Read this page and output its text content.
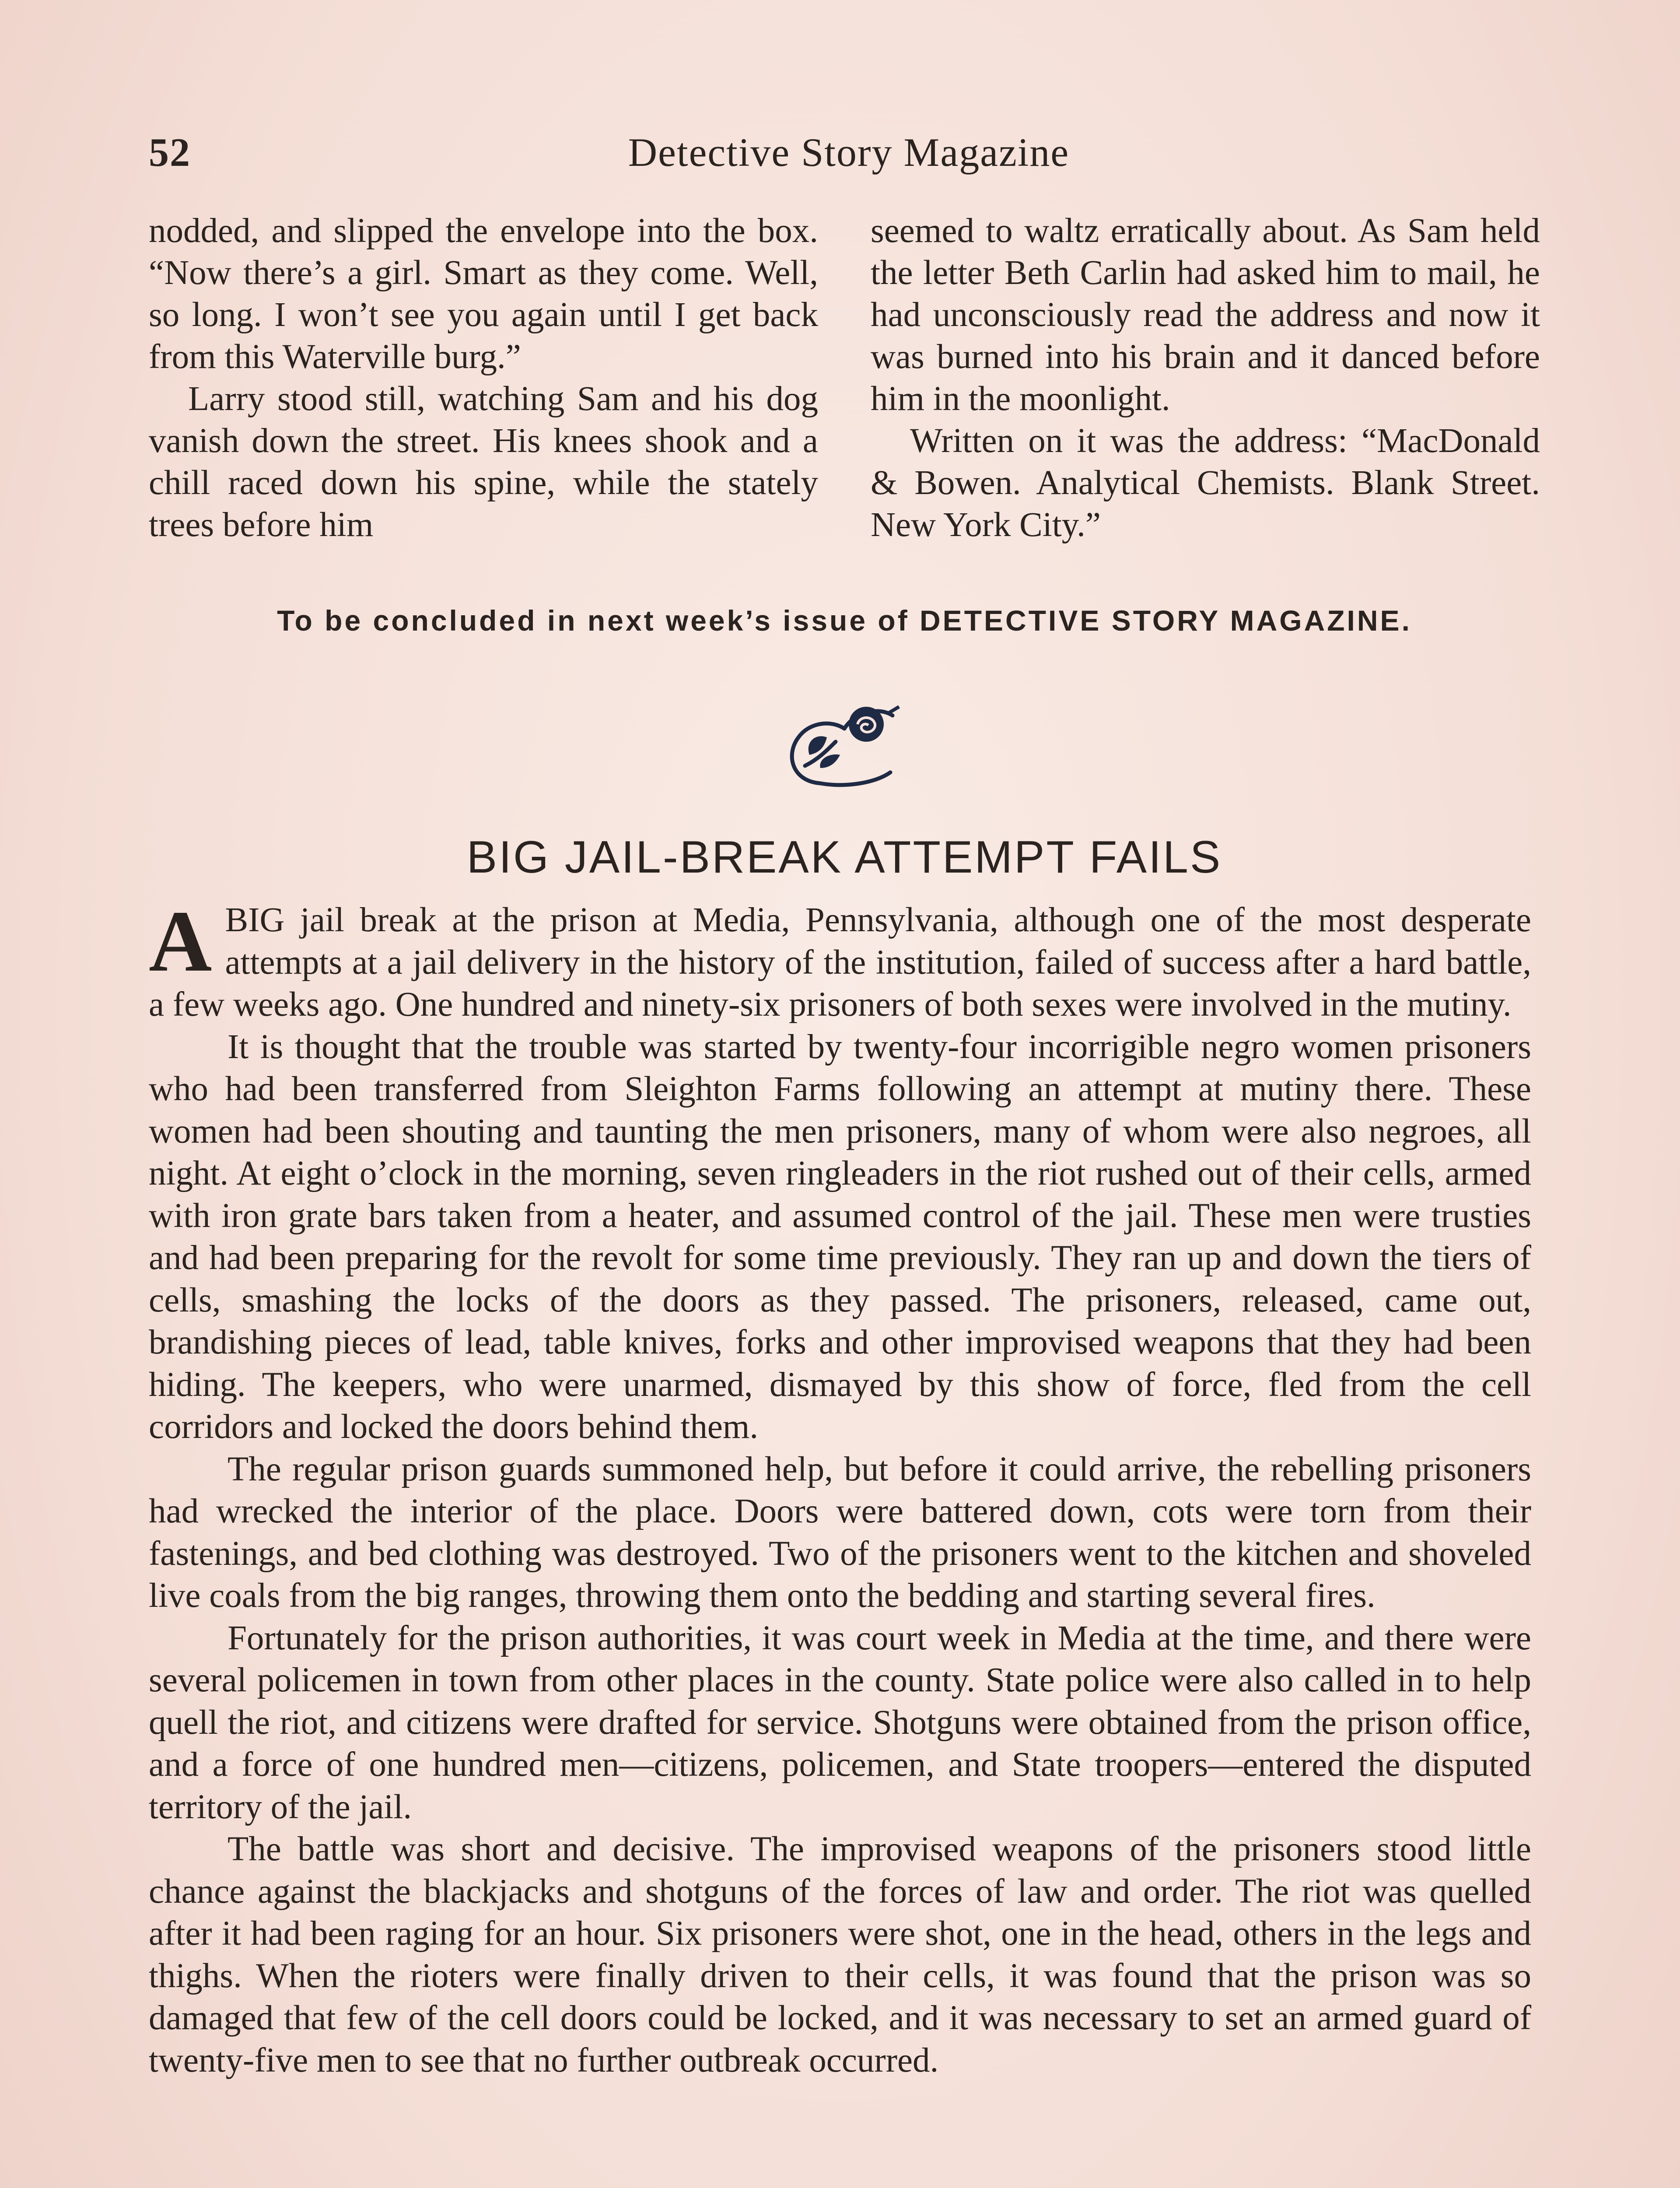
52	Detective Story Magazine

nodded, and slipped the envelope into the box. “Now there’s a girl. Smart as they come. Well, so long. I won’t see you again until I get back from this Waterville burg.”

Larry stood still, watching Sam and his dog vanish down the street. His knees shook and a chill raced down his spine, while the stately trees before him

seemed to waltz erratically about. As Sam held the letter Beth Carlin had asked him to mail, he had unconsciously read the address and now it was burned into his brain and it danced before him in the moonlight.

Written on it was the address: “MacDonald & Bowen. Analytical Chemists. Blank Street. New York City.”

To be concluded in next week’s issue of DETECTIVE STORY MAGAZINE.
BIG JAIL-BREAK ATTEMPT FAILS

A BIG jail break at the prison at Media, Pennsylvania, although one of the most desperate attempts at a jail delivery in the history of the institution, failed of success after a hard battle, a few weeks ago. One hundred and ninety-six prisoners of both sexes were involved in the mutiny.

It is thought that the trouble was started by twenty-four incorrigible negro women prisoners who had been transferred from Sleighton Farms following an attempt at mutiny there. These women had been shouting and taunting the men prisoners, many of whom were also negroes, all night. At eight o’clock in the morning, seven ringleaders in the riot rushed out of their cells, armed with iron grate bars taken from a heater, and assumed control of the jail. These men were trusties and had been preparing for the revolt for some time previously. They ran up and down the tiers of cells, smashing the locks of the doors as they passed. The prisoners, released, came out, brandishing pieces of lead, table knives, forks and other improvised weapons that they had been hiding. The keepers, who were unarmed, dismayed by this show of force, fled from the cell corridors and locked the doors behind them.

The regular prison guards summoned help, but before it could arrive, the rebelling prisoners had wrecked the interior of the place. Doors were battered down, cots were torn from their fastenings, and bed clothing was destroyed. Two of the prisoners went to the kitchen and shoveled live coals from the big ranges, throwing them onto the bedding and starting several fires.

Fortunately for the prison authorities, it was court week in Media at the time, and there were several policemen in town from other places in the county. State police were also called in to help quell the riot, and citizens were drafted for service. Shotguns were obtained from the prison office, and a force of one hundred men—citizens, policemen, and State troopers—entered the disputed territory of the jail.

The battle was short and decisive. The improvised weapons of the prisoners stood little chance against the blackjacks and shotguns of the forces of law and order. The riot was quelled after it had been raging for an hour. Six prisoners were shot, one in the head, others in the legs and thighs. When the rioters were finally driven to their cells, it was found that the prison was so damaged that few of the cell doors could be locked, and it was necessary to set an armed guard of twenty-five men to see that no further outbreak occurred.
